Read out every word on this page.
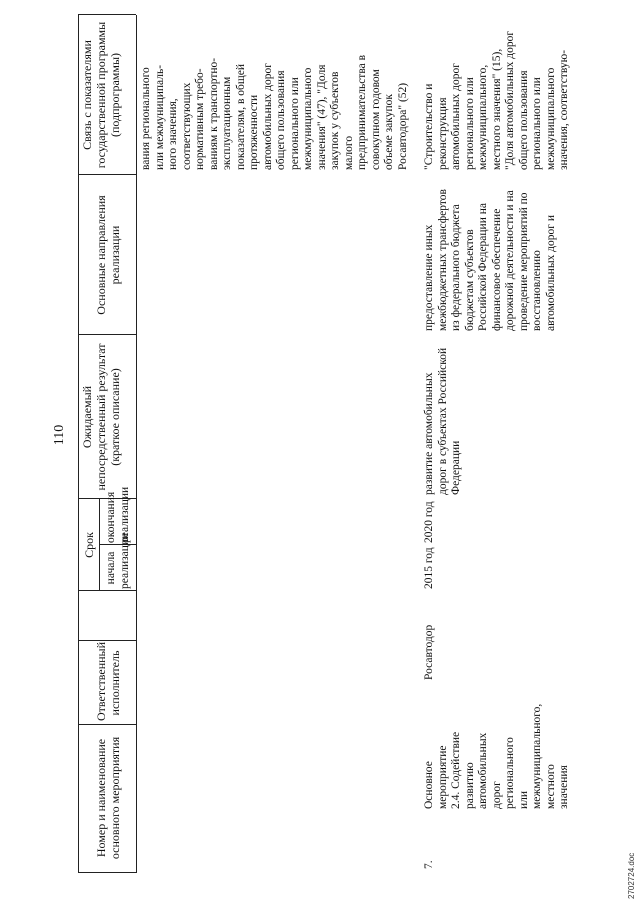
110
Номер и наименование основного мероприятия
Ответственный исполнитель
Срок
начала реализации
окончания реализации
Ожидаемый непосредственный результат (краткое описание)
Основные направления реализации
Связь с показателями государственной программы (подпрограммы) вания регионального или межмуниципаль- ного значения, соответствующих нормативным требо- ваниям к транспортно- эксплуатационным показателям, в общей протяженности автомобильных дорог общего пользования регионального или межмуниципального значения" (47), "Доля закупок у субъектов малого предпринимательства в совокупном годовом объеме закупок Росавтодора" (52)
7.
Основное мероприятие 2.4. Содействие развитию автомобильных дорог регионального или межмуниципального, местного значения
Росавтодор
2015 год
2020 год
развитие автомобильных дорог в субъектах Российской Федерации
предоставление иных межбюджетных трансфертов из федерального бюджета бюджетам субъектов Российской Федерации на финансовое обеспечение дорожной деятельности и на проведение мероприятий по восстановлению автомобильных дорог и
"Строительство и реконструкция автомобильных дорог регионального или межмуниципального, местного значения" (15), "Доля автомобильных дорог общего пользования регионального или межмуниципального значения, соответствую-
2702724.doc
